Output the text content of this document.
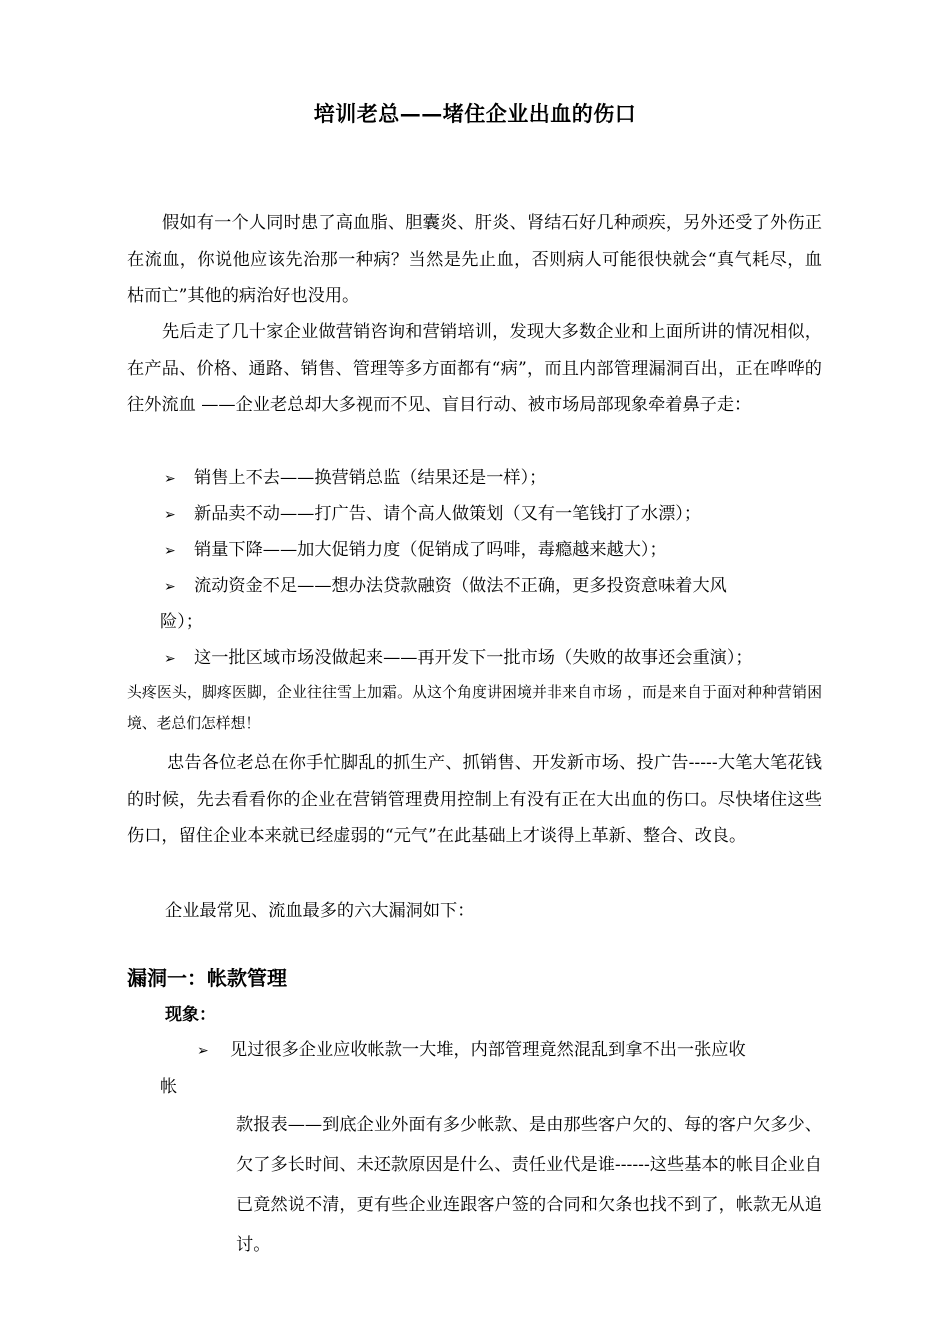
培训老总——堵住企业出血的伤口
假如有一个人同时患了高血脂、胆囊炎、肝炎、肾结石好几种顽疾，另外还受了外伤正在流血，你说他应该先治那一种病？当然是先止血，否则病人可能很快就会“真气耗尽，血枯而亡”其他的病治好也没用。
先后走了几十家企业做营销咨询和营销培训，发现大多数企业和上面所讲的情况相似，在产品、价格、通路、销售、管理等多方面都有“病”，而且内部管理漏洞百出，正在哗哗的往外流血 ——企业老总却大多视而不见、盲目行动、被市场局部现象牵着鼻子走：
➢ 销售上不去——换营销总监（结果还是一样）；
➢ 新品卖不动——打广告、请个高人做策划（又有一笔钱打了水漂）；
➢ 销量下降——加大促销力度（促销成了吗啡，毒瘾越来越大）；
➢ 流动资金不足——想办法贷款融资（做法不正确，更多投资意味着大风
险）；
➢ 这一批区域市场没做起来——再开发下一批市场（失败的故事还会重演）；
头疼医头，脚疼医脚，企业往往雪上加霜。从这个角度讲困境并非来自市场 ，而是来自于面对种种营销困境、老总们怎样想！
忠告各位老总在你手忙脚乱的抓生产、抓销售、开发新市场、投广告-----大笔大笔花钱的时候，先去看看你的企业在营销管理费用控制上有没有正在大出血的伤口。尽快堵住这些伤口，留住企业本来就已经虚弱的“元气”在此基础上才谈得上革新、整合、改良。
企业最常见、流血最多的六大漏洞如下：
漏洞一：帐款管理
现象：
➢ 见过很多企业应收帐款一大堆，内部管理竟然混乱到拿不出一张应收
帐
款报表——到底企业外面有多少帐款、是由那些客户欠的、每的客户欠多少、欠了多长时间、未还款原因是什么、责任业代是谁------这些基本的帐目企业自已竟然说不清，更有些企业连跟客户签的合同和欠条也找不到了，帐款无从追讨。
